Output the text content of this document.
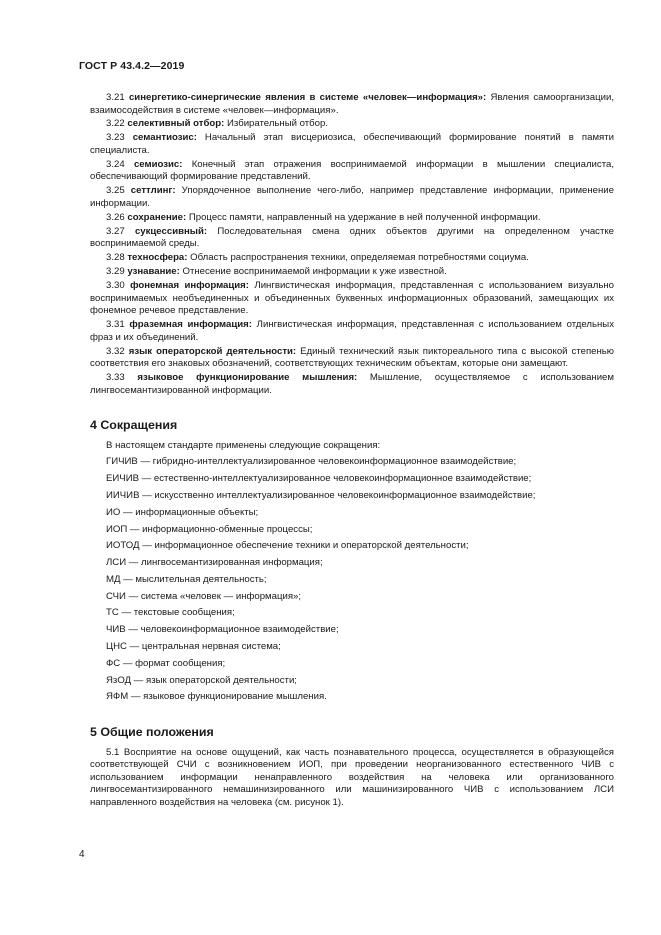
ГОСТ Р 43.4.2—2019

3.21 синергетико-синергические явления в системе «человек—информация»: Явления самоорганизации, взаимосодействия в системе «человек—информация».

3.22 селективный отбор: Избирательный отбор.

3.23 семантиозис: Начальный этап висцериозиса, обеспечивающий формирование понятий в памяти специалиста.

3.24 семиозис: Конечный этап отражения воспринимаемой информации в мышлении специалиста, обеспечивающий формирование представлений.

3.25 сеттлинг: Упорядоченное выполнение чего-либо, например представление информации, применение информации.

3.26 сохранение: Процесс памяти, направленный на удержание в ней полученной информации.

3.27 сукцессивный: Последовательная смена одних объектов другими на определенном участке воспринимаемой среды.

3.28 техносфера: Область распространения техники, определяемая потребностями социума.

3.29 узнавание: Отнесение воспринимаемой информации к уже известной.

3.30 фонемная информация: Лингвистическая информация, представленная с использованием визуально воспринимаемых необъединенных и объединенных буквенных информационных образований, замещающих их фонемное речевое представление.

3.31 фраземная информация: Лингвистическая информация, представленная с использованием отдельных фраз и их объединений.

3.32 язык операторской деятельности: Единый технический язык пиктореального типа с высокой степенью соответствия его знаковых обозначений, соответствующих техническим объектам, которые они замещают.

3.33 языковое функционирование мышления: Мышление, осуществляемое с использованием лингвосемантизированной информации.

4 Сокращения

В настоящем стандарте применены следующие сокращения:

ГИЧИВ — гибридно-интеллектуализированное человекоинформационное взаимодействие;

ЕИЧИВ — естественно-интеллектуализированное человекоинформационное взаимодействие;

ИИЧИВ — искусственно интеллектуализированное человекоинформационное взаимодействие;

ИО — информационные объекты;

ИОП — информационно-обменные процессы;

ИОТОД — информационное обеспечение техники и операторской деятельности;

ЛСИ — лингвосемантизированная информация;

МД — мыслительная деятельность;

СЧИ — система «человек — информация»;

ТС — текстовые сообщения;

ЧИВ — человекоинформационное взаимодействие;

ЦНС — центральная нервная система;

ФС — формат сообщения;

ЯзОД — язык операторской деятельности;

ЯФМ — языковое функционирование мышления.

5 Общие положения

5.1 Восприятие на основе ощущений, как часть познавательного процесса, осуществляется в образующейся соответствующей СЧИ с возникновением ИОП, при проведении неорганизованного естественного ЧИВ с использованием информации ненаправленного воздействия на человека или организованного лингвосемантизированного немашинизированного или машинизированного ЧИВ с использованием ЛСИ направленного воздействия на человека (см. рисунок 1).

4
